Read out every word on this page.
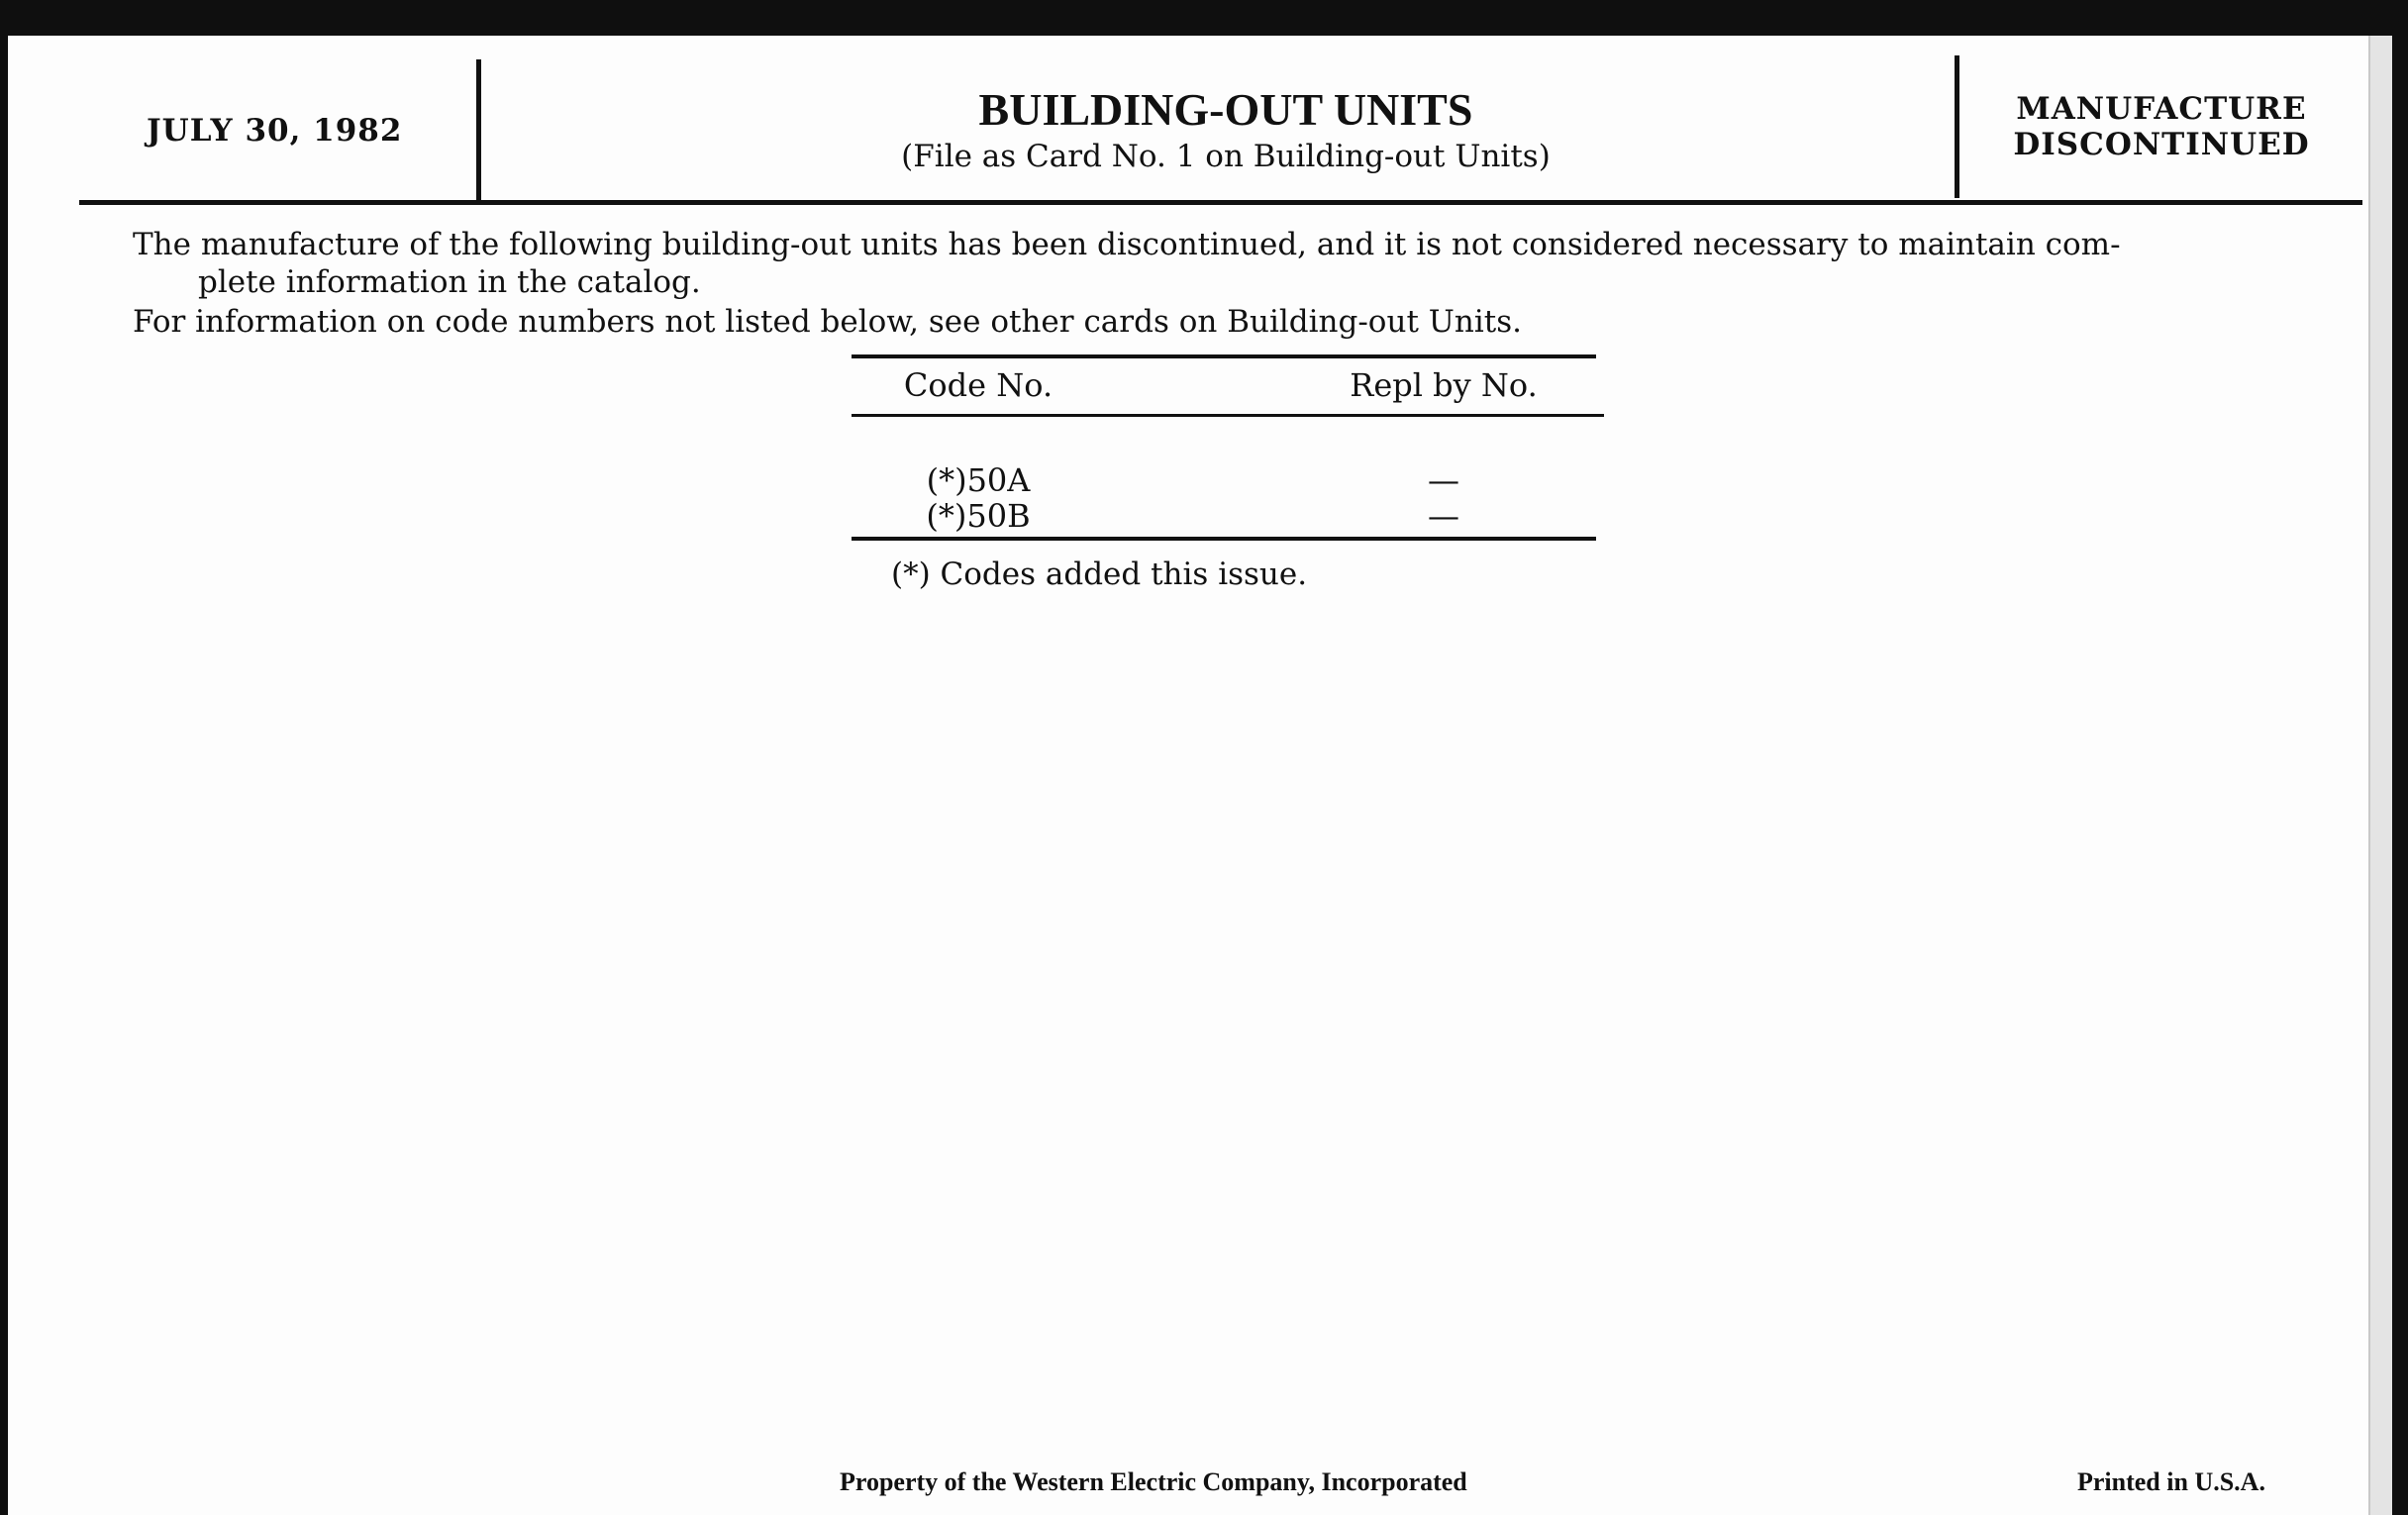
JULY 30, 1982	BUILDING-OUT UNITS
(File as Card No. 1 on Building-out Units)
MANUFACTURE
DISCONTINUED
The manufacture of the following building-out units has been discontinued, and it is not considered necessary to maintain com-
plete information in the catalog.
For information on code numbers not listed below, see other cards on Building-out Units.
Code No.	Repl by No.
(*)50A	—
(*)50B	—
(*) Codes added this issue.
Property of the Western Electric Company, Incorporated	Printed in U.S.A.
